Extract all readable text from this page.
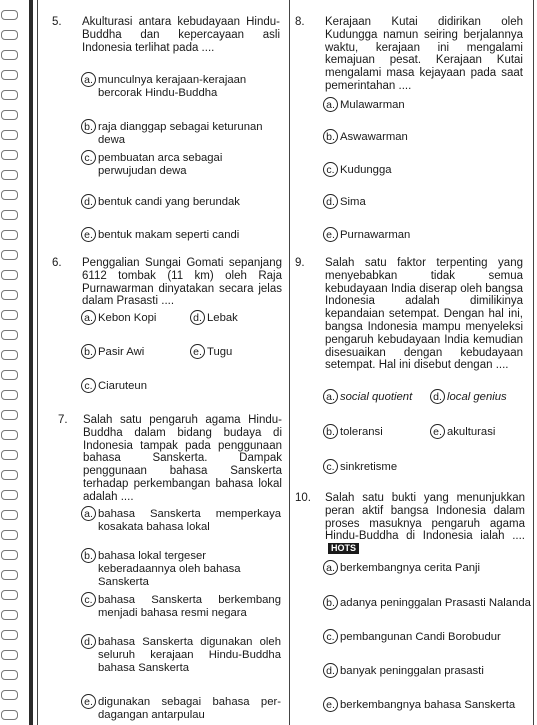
5. Akulturasi antara kebudayaan Hindu-Buddha dan kepercayaan asli Indonesia terlihat pada ....
a. munculnya kerajaan-kerajaan bercorak Hindu-Buddha
b. raja dianggap sebagai keturunan dewa
c. pembuatan arca sebagai perwujudan dewa
d. bentuk candi yang berundak
e. bentuk makam seperti candi
6. Penggalian Sungai Gomati sepanjang 6112 tombak (11 km) oleh Raja Purnawarman dinyatakan secara jelas dalam Prasasti ....
a. Kebon Kopi	d. Lebak
b. Pasir Awi	e. Tugu
c. Ciaruteun
7. Salah satu pengaruh agama Hindu-Buddha dalam bidang budaya di Indonesia tampak pada penggunaan bahasa Sanskerta. Dampak penggunaan bahasa Sanskerta terhadap perkembangan bahasa lokal adalah ....
a. bahasa Sanskerta memperkaya kosakata bahasa lokal
b. bahasa lokal tergeser keberadaannya oleh bahasa Sanskerta
c. bahasa Sanskerta berkembang menjadi bahasa resmi negara
d. bahasa Sanskerta digunakan oleh seluruh kerajaan Hindu-Buddha bahasa Sanskerta
e. digunakan sebagai bahasa per-dagangan antarpulau
8. Kerajaan Kutai didirikan oleh Kudungga namun seiring berjalannya waktu, kerajaan ini mengalami kemajuan pesat. Kerajaan Kutai mengalami masa kejayaan pada saat pemerintahan ....
a. Mulawarman
b. Aswawarman
c. Kudungga
d. Sima
e. Purnawarman
9. Salah satu faktor terpenting yang menyebabkan tidak semua kebudayaan India diserap oleh bangsa Indonesia adalah dimilikinya kepandaian setempat. Dengan hal ini, bangsa Indonesia mampu menyeleksi pengaruh kebudayaan India kemudian disesuaikan dengan kebudayaan setempat. Hal ini disebut dengan ....
a. social quotient	d. local genius
b. toleransi	e. akulturasi
c. sinkretisme
10. Salah satu bukti yang menunjukkan peran aktif bangsa Indonesia dalam proses masuknya pengaruh agama Hindu-Buddha di Indonesia ialah ....HOTS
a. berkembangnya cerita Panji
b. adanya peninggalan Prasasti Nalanda
c. pembangunan Candi Borobudur
d. banyak peninggalan prasasti
e. berkembangnya bahasa Sanskerta
